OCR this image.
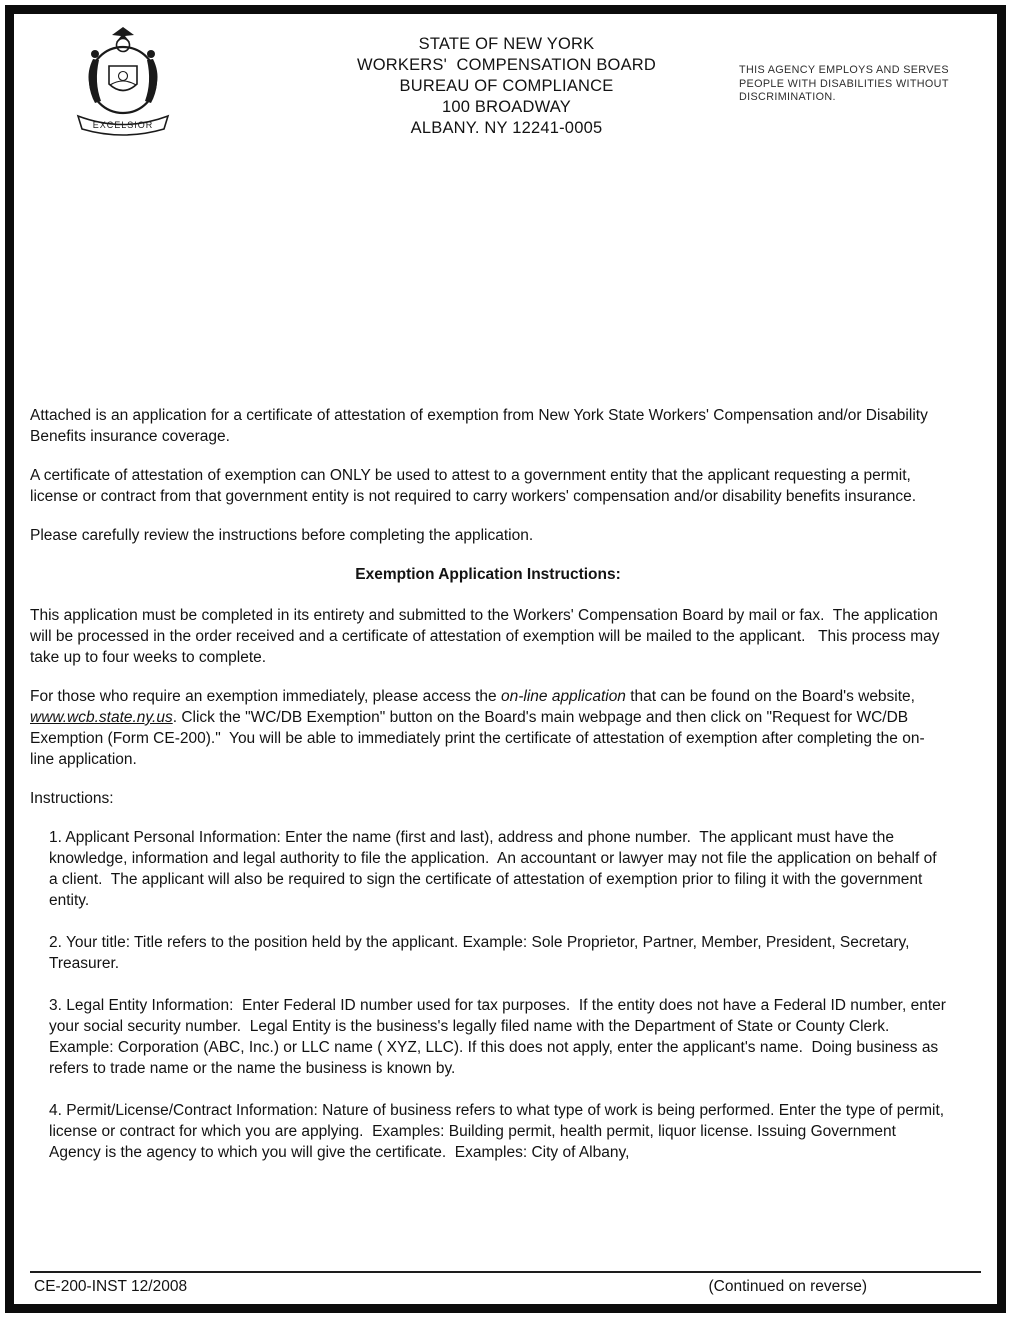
EXCELSIOR
STATE OF NEW YORK
WORKERS'  COMPENSATION BOARD
BUREAU OF COMPLIANCE
100 BROADWAY
ALBANY. NY 12241-0005
THIS AGENCY EMPLOYS AND SERVES PEOPLE WITH DISABILITIES WITHOUT DISCRIMINATION.

Attached is an application for a certificate of attestation of exemption from New York State Workers' Compensation and/or Disability Benefits insurance coverage.

A certificate of attestation of exemption can ONLY be used to attest to a government entity that the applicant requesting a permit, license or contract from that government entity is not required to carry workers' compensation and/or disability benefits insurance.

Please carefully review the instructions before completing the application.

Exemption Application Instructions:

This application must be completed in its entirety and submitted to the Workers' Compensation Board by mail or fax.  The application will be processed in the order received and a certificate of attestation of exemption will be mailed to the applicant.   This process may take up to four weeks to complete.

For those who require an exemption immediately, please access the on-line application that can be found on the Board's website, www.wcb.state.ny.us. Click the "WC/DB Exemption" button on the Board's main webpage and then click on "Request for WC/DB Exemption (Form CE-200)."  You will be able to immediately print the certificate of attestation of exemption after completing the on-line application.

Instructions:

1. Applicant Personal Information: Enter the name (first and last), address and phone number.  The applicant must have the knowledge, information and legal authority to file the application.  An accountant or lawyer may not file the application on behalf of a client.  The applicant will also be required to sign the certificate of attestation of exemption prior to filing it with the government entity.

2. Your title: Title refers to the position held by the applicant. Example: Sole Proprietor, Partner, Member, President, Secretary, Treasurer.

3. Legal Entity Information:  Enter Federal ID number used for tax purposes.  If the entity does not have a Federal ID number, enter your social security number.  Legal Entity is the business's legally filed name with the Department of State or County Clerk. Example: Corporation (ABC, Inc.) or LLC name ( XYZ, LLC). If this does not apply, enter the applicant's name.  Doing business as refers to trade name or the name the business is known by.

4. Permit/License/Contract Information: Nature of business refers to what type of work is being performed. Enter the type of permit, license or contract for which you are applying.  Examples: Building permit, health permit, liquor license. Issuing Government Agency is the agency to which you will give the certificate.  Examples: City of Albany,

CE-200-INST 12/2008	(Continued on reverse)
